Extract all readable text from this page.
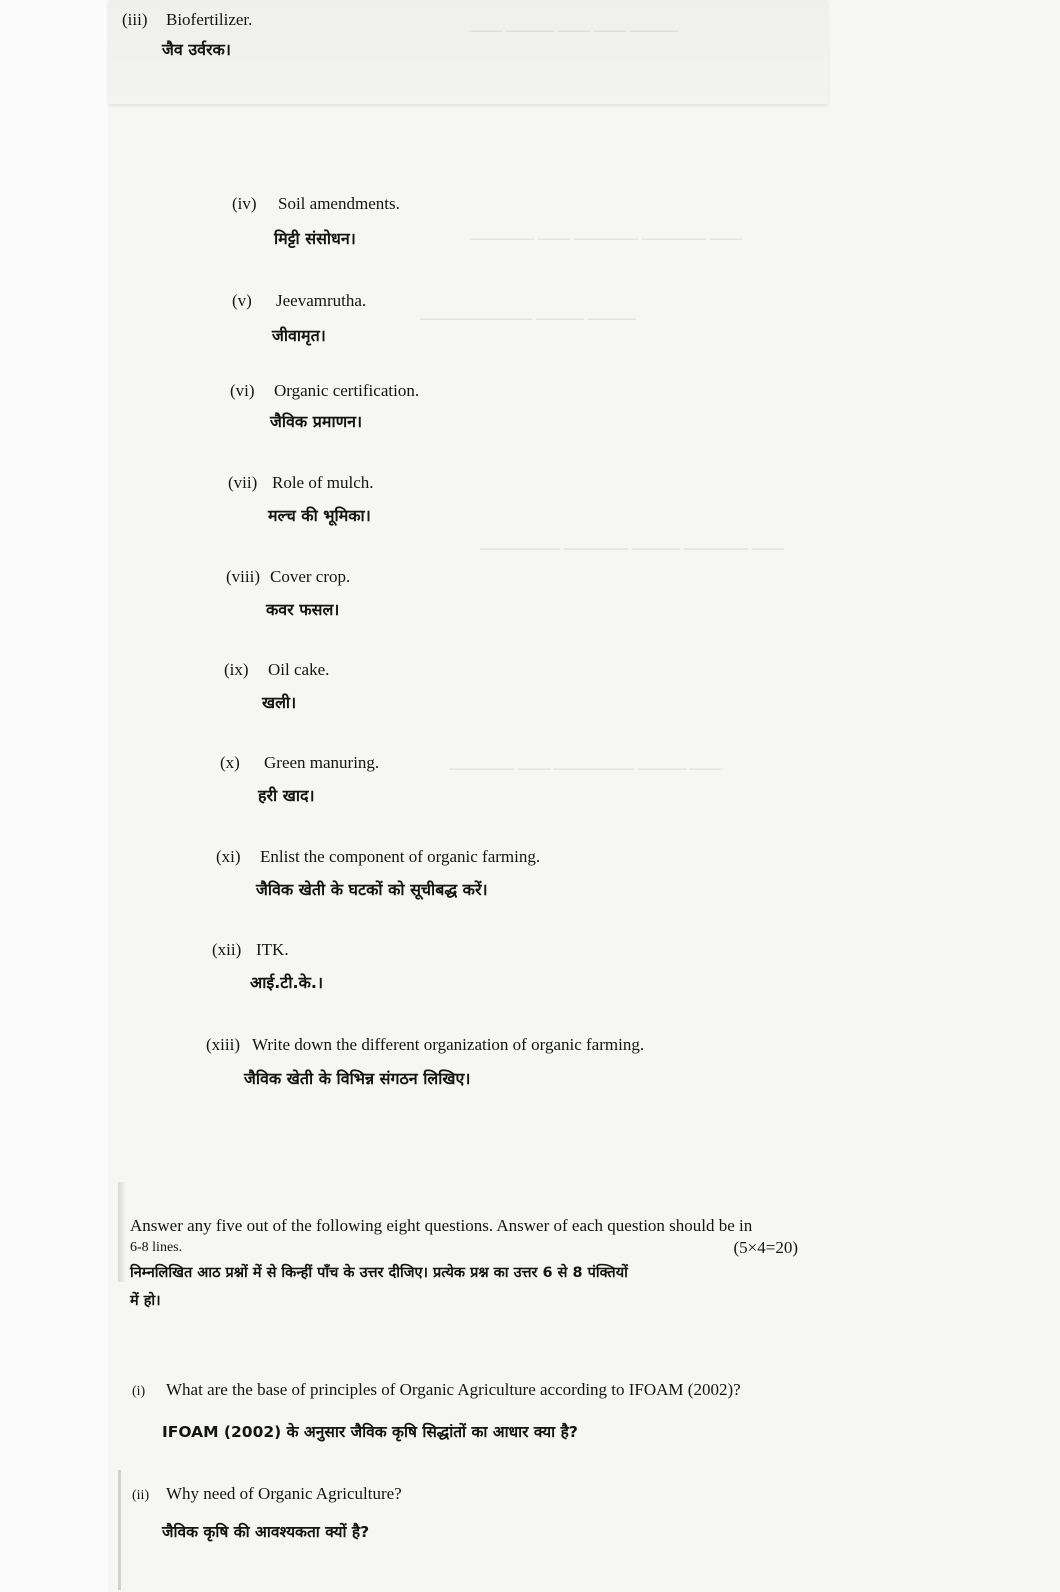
—— ——— —— —— ———
———— —— ———— ———— ——
——————— ——— ———
————— ———— ——— ———— ——
———— —— ————— ——— ——
(iii) Biofertilizer.
जैव उर्वरक।
(iv) Soil amendments.
मिट्टी संसोधन।
(v) Jeevamrutha.
जीवामृत।
(vi) Organic certification.
जैविक प्रमाणन।
(vii) Role of mulch.
मल्च की भूमिका।
(viii) Cover crop.
कवर फसल।
(ix) Oil cake.
खली।
(x) Green manuring.
हरी खाद।
(xi) Enlist the component of organic farming.
जैविक खेती के घटकों को सूचीबद्ध करें।
(xii) ITK.
आई.टी.के.।
(xiii) Write down the different organization of organic farming.
जैविक खेती के विभिन्न संगठन लिखिए।
Answer any five out of the following eight questions. Answer of each question should be in
6-8 lines.	(5×4=20)
निम्नलिखित आठ प्रश्नों में से किन्हीं पाँच के उत्तर दीजिए। प्रत्येक प्रश्न का उत्तर 6 से 8 पंक्तियों
में हो।
(i) What are the base of principles of Organic Agriculture according to IFOAM (2002)?
IFOAM (2002) के अनुसार जैविक कृषि सिद्धांतों का आधार क्या है?
(ii) Why need of Organic Agriculture?
जैविक कृषि की आवश्यकता क्यों है?
